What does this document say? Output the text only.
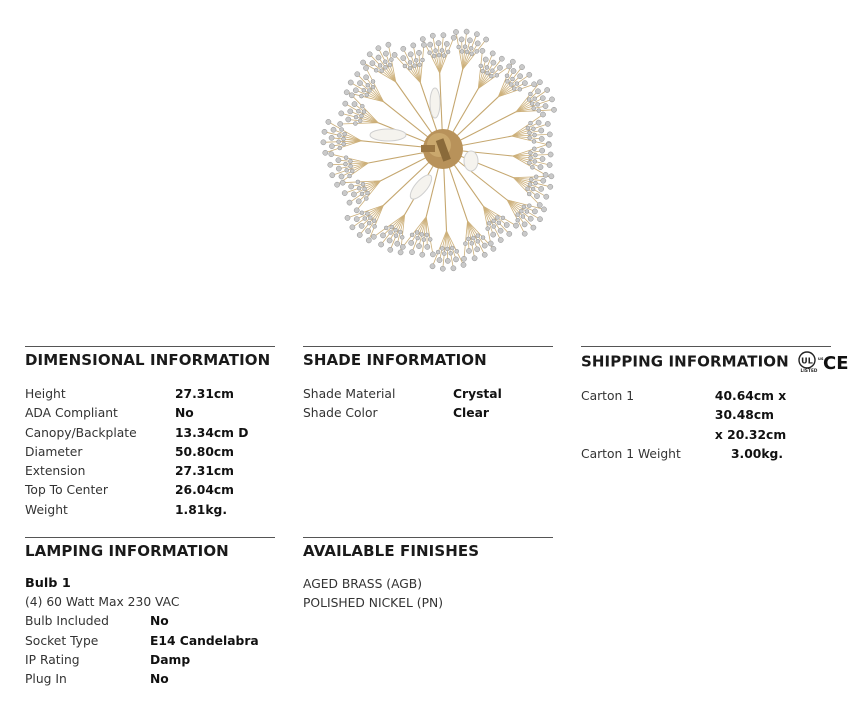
DIMENSIONAL INFORMATION
Height	27.31cm
ADA Compliant	No
Canopy/Backplate	13.34cm D
Diameter	50.80cm
Extension	27.31cm
Top To Center	26.04cm
Weight	1.81kg.
SHADE INFORMATION
Shade Material	Crystal
Shade Color	Clear
SHIPPING INFORMATION UL
LISTED
us CE
Carton 1	40.64cm x 30.48cm
x 20.32cm
Carton 1 Weight	3.00kg.
LAMPING INFORMATION
Bulb 1
(4) 60 Watt Max 230 VAC
Bulb Included	No
Socket Type	E14 Candelabra
IP Rating	Damp
Plug In	No
AVAILABLE FINISHES
AGED BRASS (AGB)
POLISHED NICKEL (PN)
